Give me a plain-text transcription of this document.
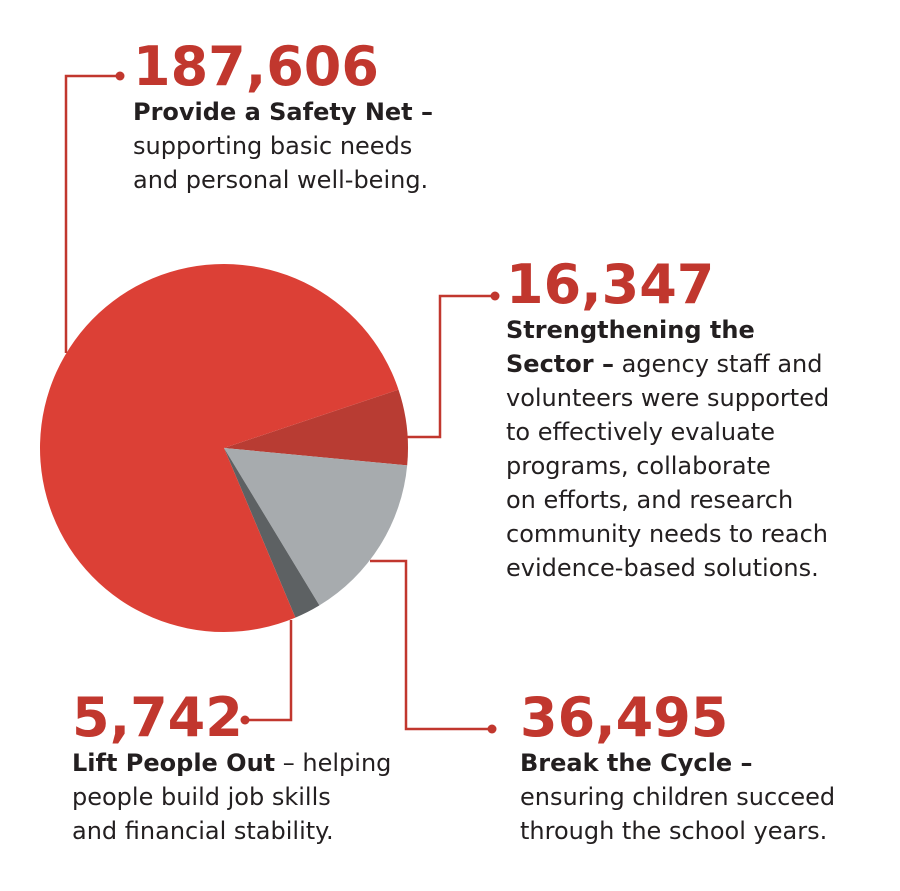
187,606
Provide a Safety Net –
supporting basic needs
and personal well-being.
16,347
Strengthening the
Sector – agency staff and
volunteers were supported
to effectively evaluate
programs, collaborate
on efforts, and research
community needs to reach
evidence-based solutions.
5,742
Lift People Out – helping
people build job skills
and financial stability.
36,495
Break the Cycle –
ensuring children succeed
through the school years.
